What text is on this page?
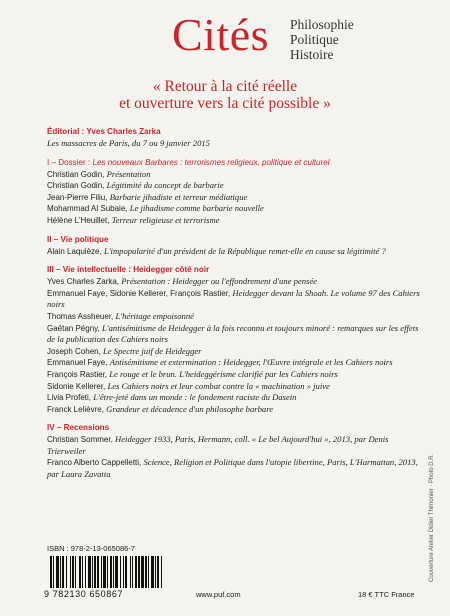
Cités Philosophie
Politique
Histoire
« Retour à la cité réelle
et ouverture vers la cité possible »
Éditorial : Yves Charles Zarka
Les massacres de Paris, du 7 ou 9 janvier 2015
I – Dossier : Les nouveaux Barbares : terrorismes religieux, politique et culturel
Christian Godin, Présentation
Christian Godin, Légitimité du concept de barbarie
Jean-Pierre Filiu, Barbarie jihadiste et terreur médiatique
Mohammad Al Subaie, Le jihadisme comme barbarie nouvelle
Hélène L'Heuillet, Terreur religieuse et terrorisme
II – Vie politique
Alain Laquièze, L'impopularité d'un président de la République remet-elle en cause sa légitimité ?
III – Vie intellectuelle : Heidegger côté noir
Yves Charles Zarka, Présentation : Heidegger ou l'effondrement d'une pensée
Emmanuel Faye, Sidonie Kellerer, François Rastier, Heidegger devant la Shoah. Le volume 97 des Cahiers noirs
Thomas Assheuer, L'héritage empoisonné
Gaëtan Pégny, L'antisémitisme de Heidegger à la fois reconnu et toujours minoré : remarques sur les effets de la publication des Cahiers noirs
Joseph Cohen, Le Spectre juif de Heidegger
Emmanuel Faye, Antisémitisme et extermination : Heidegger, l'Œuvre intégrale et les Cahiers noirs
François Rastier, Le rouge et le brun. L'heideggérisme clarifié par les Cahiers noirs
Sidonie Kellerer, Les Cahiers noirs et leur combat contre la « machination » juive
Livia Profeti, L'être-jeté dans un monde : le fondement raciste du Dasein
Franck Lelièvre, Grandeur et décadence d'un philosophe barbare
IV – Recensions
Christian Sommer, Heidegger 1933, Paris, Hermann, coll. « Le bel Aujourd'hui », 2013, par Denis Trierweiler
Franco Alberto Cappelletti, Science, Religion et Politique dans l'utopie libertine, Paris, L'Harmattan, 2013, par Laura Zavatta
ISBN : 978-2-13-065086-7
9 782130 650867	www.puf.com	18 € TTC France
Couverture Atelier Didier Thimonier · Photo D.R.
